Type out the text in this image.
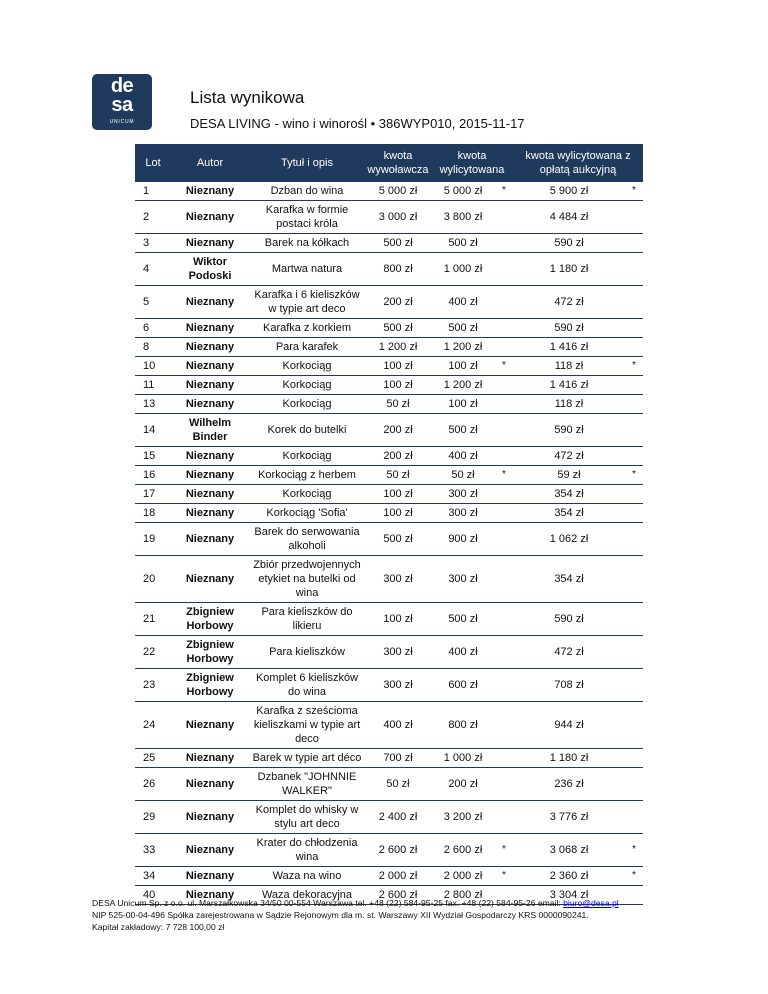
de
sa
UNICUM
Lista wynikowa
DESA LIVING - wino i winorośl • 386WYP010, 2015-11-17
Lot	Autor	Tytuł i opis	kwota wywoławcza	kwota wylicytowana		kwota wylicytowana z opłatą aukcyjną	
1	Nieznany	Dzban do wina	5 000 zł	5 000 zł	*	5 900 zł	*
2	Nieznany	Karafka w formie postaci króla	3 000 zł	3 800 zł		4 484 zł	
3	Nieznany	Barek na kółkach	500 zł	500 zł		590 zł	
4	Wiktor Podoski	Martwa natura	800 zł	1 000 zł		1 180 zł	
5	Nieznany	Karafka i 6 kieliszków w typie art deco	200 zł	400 zł		472 zł	
6	Nieznany	Karafka z korkiem	500 zł	500 zł		590 zł	
8	Nieznany	Para karafek	1 200 zł	1 200 zł		1 416 zł	
10	Nieznany	Korkociąg	100 zł	100 zł	*	118 zł	*
11	Nieznany	Korkociąg	100 zł	1 200 zł		1 416 zł	
13	Nieznany	Korkociąg	50 zł	100 zł		118 zł	
14	Wilhelm Binder	Korek do butelki	200 zł	500 zł		590 zł	
15	Nieznany	Korkociąg	200 zł	400 zł		472 zł	
16	Nieznany	Korkociąg z herbem	50 zł	50 zł	*	59 zł	*
17	Nieznany	Korkociąg	100 zł	300 zł		354 zł	
18	Nieznany	Korkociąg 'Sofia'	100 zł	300 zł		354 zł	
19	Nieznany	Barek do serwowania alkoholi	500 zł	900 zł		1 062 zł	
20	Nieznany	Zbiór przedwojennych etykiet na butelki od wina	300 zł	300 zł		354 zł	
21	Zbigniew Horbowy	Para kieliszków do likieru	100 zł	500 zł		590 zł	
22	Zbigniew Horbowy	Para kieliszków	300 zł	400 zł		472 zł	
23	Zbigniew Horbowy	Komplet 6 kieliszków do wina	300 zł	600 zł		708 zł	
24	Nieznany	Karafka z sześcioma kieliszkami w typie art deco	400 zł	800 zł		944 zł	
25	Nieznany	Barek w typie art déco	700 zł	1 000 zł		1 180 zł	
26	Nieznany	Dzbanek "JOHNNIE WALKER"	50 zł	200 zł		236 zł	
29	Nieznany	Komplet do whisky w stylu art deco	2 400 zł	3 200 zł		3 776 zł	
33	Nieznany	Krater do chłodzenia wina	2 600 zł	2 600 zł	*	3 068 zł	*
34	Nieznany	Waza na wino	2 000 zł	2 000 zł	*	2 360 zł	*
40	Nieznany	Waza dekoracyjna	2 600 zł	2 800 zł		3 304 zł	
DESA Unicum Sp. z o.o. ul. Marszałkowska 34/50 00-554 Warszawa tel. +48 (22) 584-95-25 fax. +48 (22) 584-95-26 email: biuro@desa.pl
NIP 525-00-04-496 Spółka zarejestrowana w Sądzie Rejonowym dla m. st. Warszawy XII Wydział Gospodarczy KRS 0000090241.
Kapitał zakładowy: 7 728 100,00 zł
